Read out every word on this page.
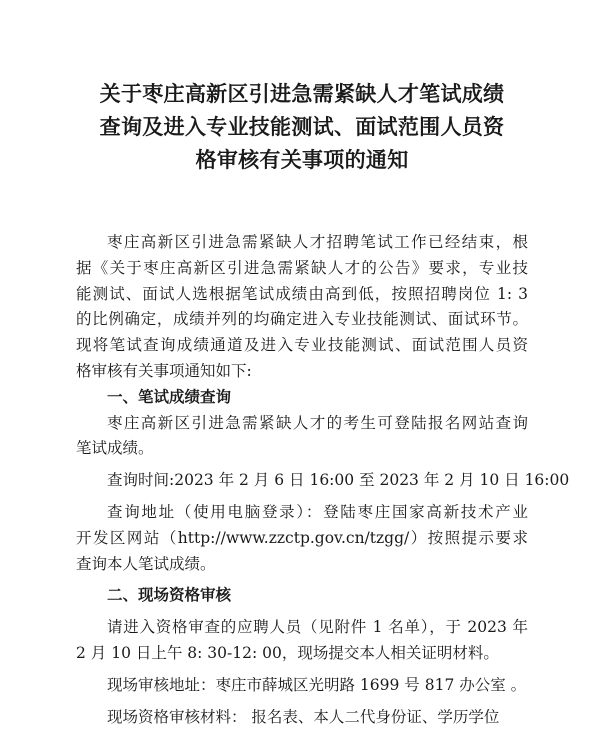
关于枣庄高新区引进急需紧缺人才笔试成绩
查询及进入专业技能测试、面试范围人员资
格审核有关事项的通知
枣庄高新区引进急需紧缺人才招聘笔试工作已经结束，根
据《关于枣庄高新区引进急需紧缺人才的公告》要求，专业技
能测试、面试人选根据笔试成绩由高到低，按照招聘岗位 1: 3
的比例确定，成绩并列的均确定进入专业技能测试、面试环节。
现将笔试查询成绩通道及进入专业技能测试、面试范围人员资
格审核有关事项通知如下:
一、笔试成绩查询
枣庄高新区引进急需紧缺人才的考生可登陆报名网站查询
笔试成绩。
查询时间:2023 年 2 月 6 日 16:00 至 2023 年 2 月 10 日 16:00
查询地址（使用电脑登录）：登陆枣庄国家高新技术产业
开发区网站（http://www.zzctp.gov.cn/tzgg/）按照提示要求
查询本人笔试成绩。
二、现场资格审核
请进入资格审查的应聘人员（见附件 1 名单），于 2023 年
2 月 10 日上午 8: 30-12: 00，现场提交本人相关证明材料。
现场审核地址：枣庄市薛城区光明路 1699 号 817 办公室 。
现场资格审核材料： 报名表、本人二代身份证、学历学位
